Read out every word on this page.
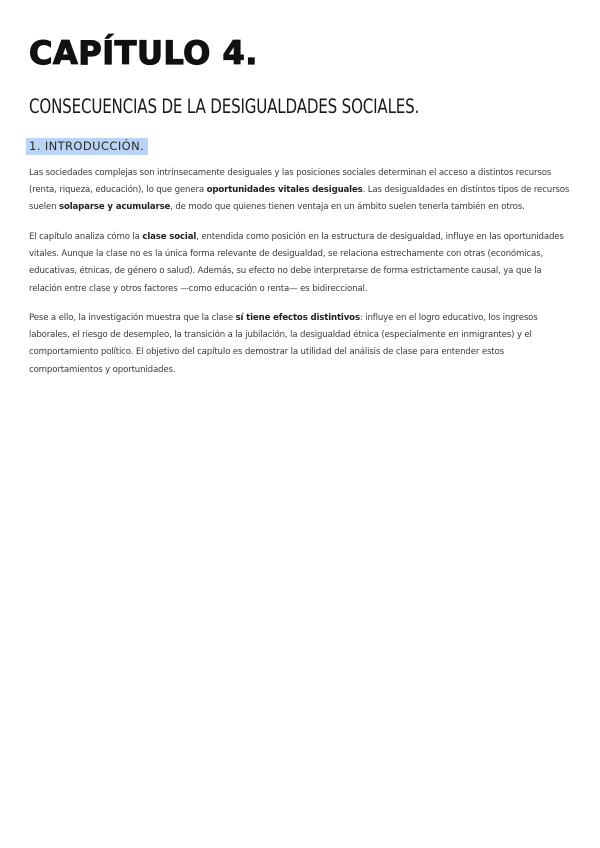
CAPÍTULO 4.
CONSECUENCIAS DE LA DESIGUALDADES SOCIALES.
1. INTRODUCCIÓN.

Las sociedades complejas son intrínsecamente desiguales y las posiciones sociales determinan el acceso a distintos recursos (renta, riqueza, educación), lo que genera oportunidades vitales desiguales. Las desigualdades en distintos tipos de recursos suelen solaparse y acumularse, de modo que quienes tienen ventaja en un ámbito suelen tenerla también en otros.

El capítulo analiza cómo la clase social, entendida como posición en la estructura de desigualdad, influye en las oportunidades vitales. Aunque la clase no es la única forma relevante de desigualdad, se relaciona estrechamente con otras (económicas, educativas, étnicas, de género o salud). Además, su efecto no debe interpretarse de forma estrictamente causal, ya que la relación entre clase y otros factores —como educación o renta— es bidireccional.

Pese a ello, la investigación muestra que la clase sí tiene efectos distintivos: influye en el logro educativo, los ingresos laborales, el riesgo de desempleo, la transición a la jubilación, la desigualdad étnica (especialmente en inmigrantes) y el comportamiento político. El objetivo del capítulo es demostrar la utilidad del análisis de clase para entender estos comportamientos y oportunidades.
